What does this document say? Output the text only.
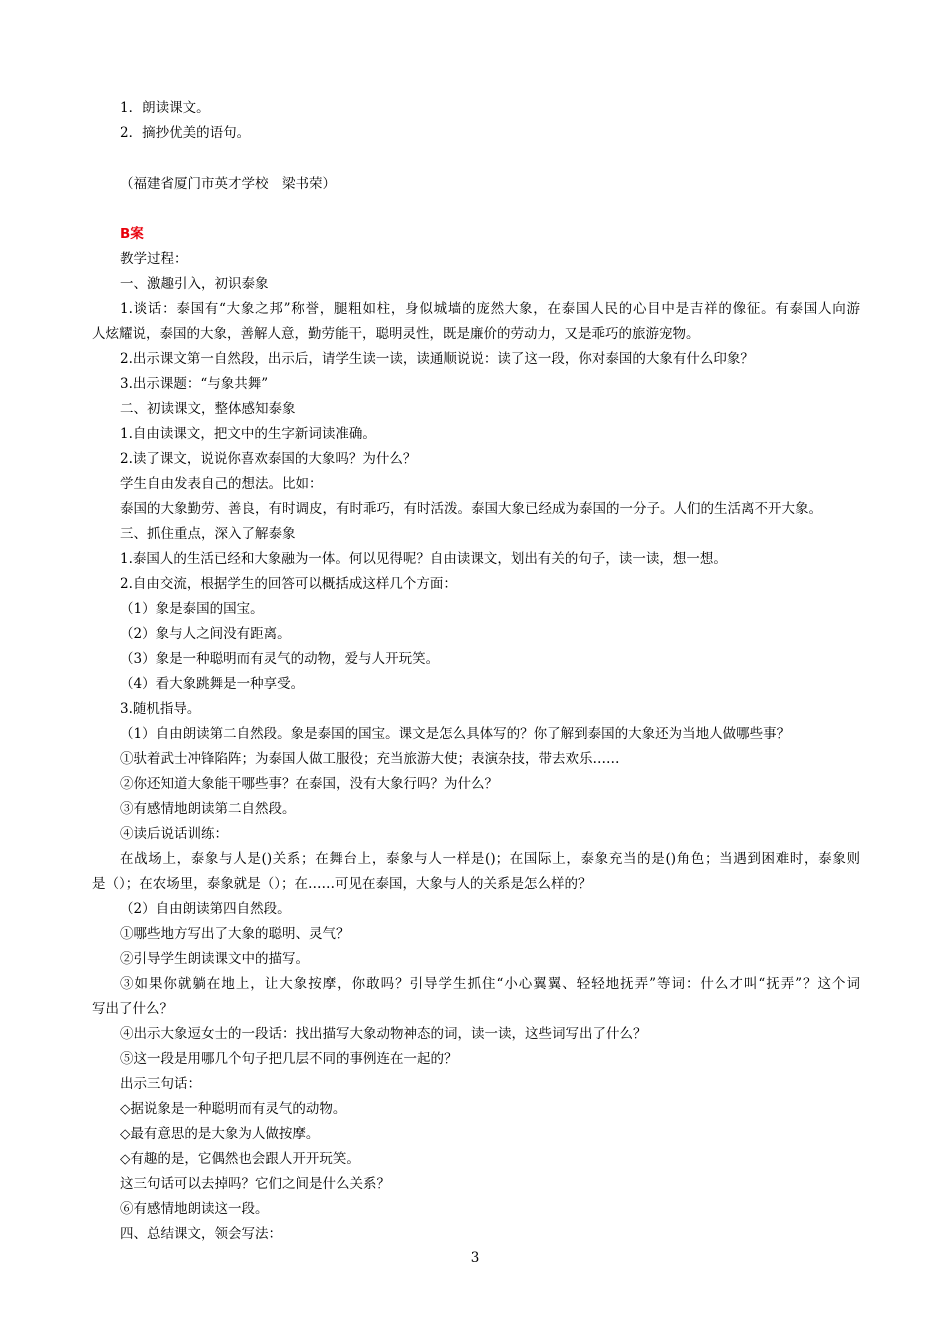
1．朗读课文。
2．摘抄优美的语句。
（福建省厦门市英才学校　梁书荣）
B案
教学过程：
一、激趣引入，初识泰象
1.谈话：泰国有“大象之邦”称誉，腿粗如柱，身似城墙的庞然大象，在泰国人民的心目中是吉祥的像征。有泰国人向游
人炫耀说，泰国的大象，善解人意，勤劳能干，聪明灵性，既是廉价的劳动力，又是乖巧的旅游宠物。
2.出示课文第一自然段，出示后，请学生读一读，读通顺说说：读了这一段，你对泰国的大象有什么印象？
3.出示课题：“与象共舞”
二、初读课文，整体感知泰象
1.自由读课文，把文中的生字新词读准确。
2.读了课文，说说你喜欢泰国的大象吗？为什么？
学生自由发表自己的想法。比如：
泰国的大象勤劳、善良，有时调皮，有时乖巧，有时活泼。泰国大象已经成为泰国的一分子。人们的生活离不开大象。
三、抓住重点，深入了解泰象
1.泰国人的生活已经和大象融为一体。何以见得呢？自由读课文，划出有关的句子，读一读，想一想。
2.自由交流，根据学生的回答可以概括成这样几个方面：
（1）象是泰国的国宝。
（2）象与人之间没有距离。
（3）象是一种聪明而有灵气的动物，爱与人开玩笑。
（4）看大象跳舞是一种享受。
3.随机指导。
（1）自由朗读第二自然段。象是泰国的国宝。课文是怎么具体写的？你了解到泰国的大象还为当地人做哪些事？
①驮着武士冲锋陷阵；为泰国人做工服役；充当旅游大使；表演杂技，带去欢乐……
②你还知道大象能干哪些事？在泰国，没有大象行吗？为什么？
③有感情地朗读第二自然段。
④读后说话训练：
在战场上，泰象与人是()关系；在舞台上，泰象与人一样是()；在国际上，泰象充当的是()角色；当遇到困难时，泰象则
是（）；在农场里，泰象就是（）；在……可见在泰国，大象与人的关系是怎么样的？
（2）自由朗读第四自然段。
①哪些地方写出了大象的聪明、灵气？
②引导学生朗读课文中的描写。
③如果你就躺在地上，让大象按摩，你敢吗？引导学生抓住“小心翼翼、轻轻地抚弄”等词：什么才叫“抚弄”？这个词
写出了什么？
④出示大象逗女士的一段话：找出描写大象动物神态的词，读一读，这些词写出了什么？
⑤这一段是用哪几个句子把几层不同的事例连在一起的？
出示三句话：
◇据说象是一种聪明而有灵气的动物。
◇最有意思的是大象为人做按摩。
◇有趣的是，它偶然也会跟人开开玩笑。
这三句话可以去掉吗？它们之间是什么关系？
⑥有感情地朗读这一段。
四、总结课文，领会写法：
3
